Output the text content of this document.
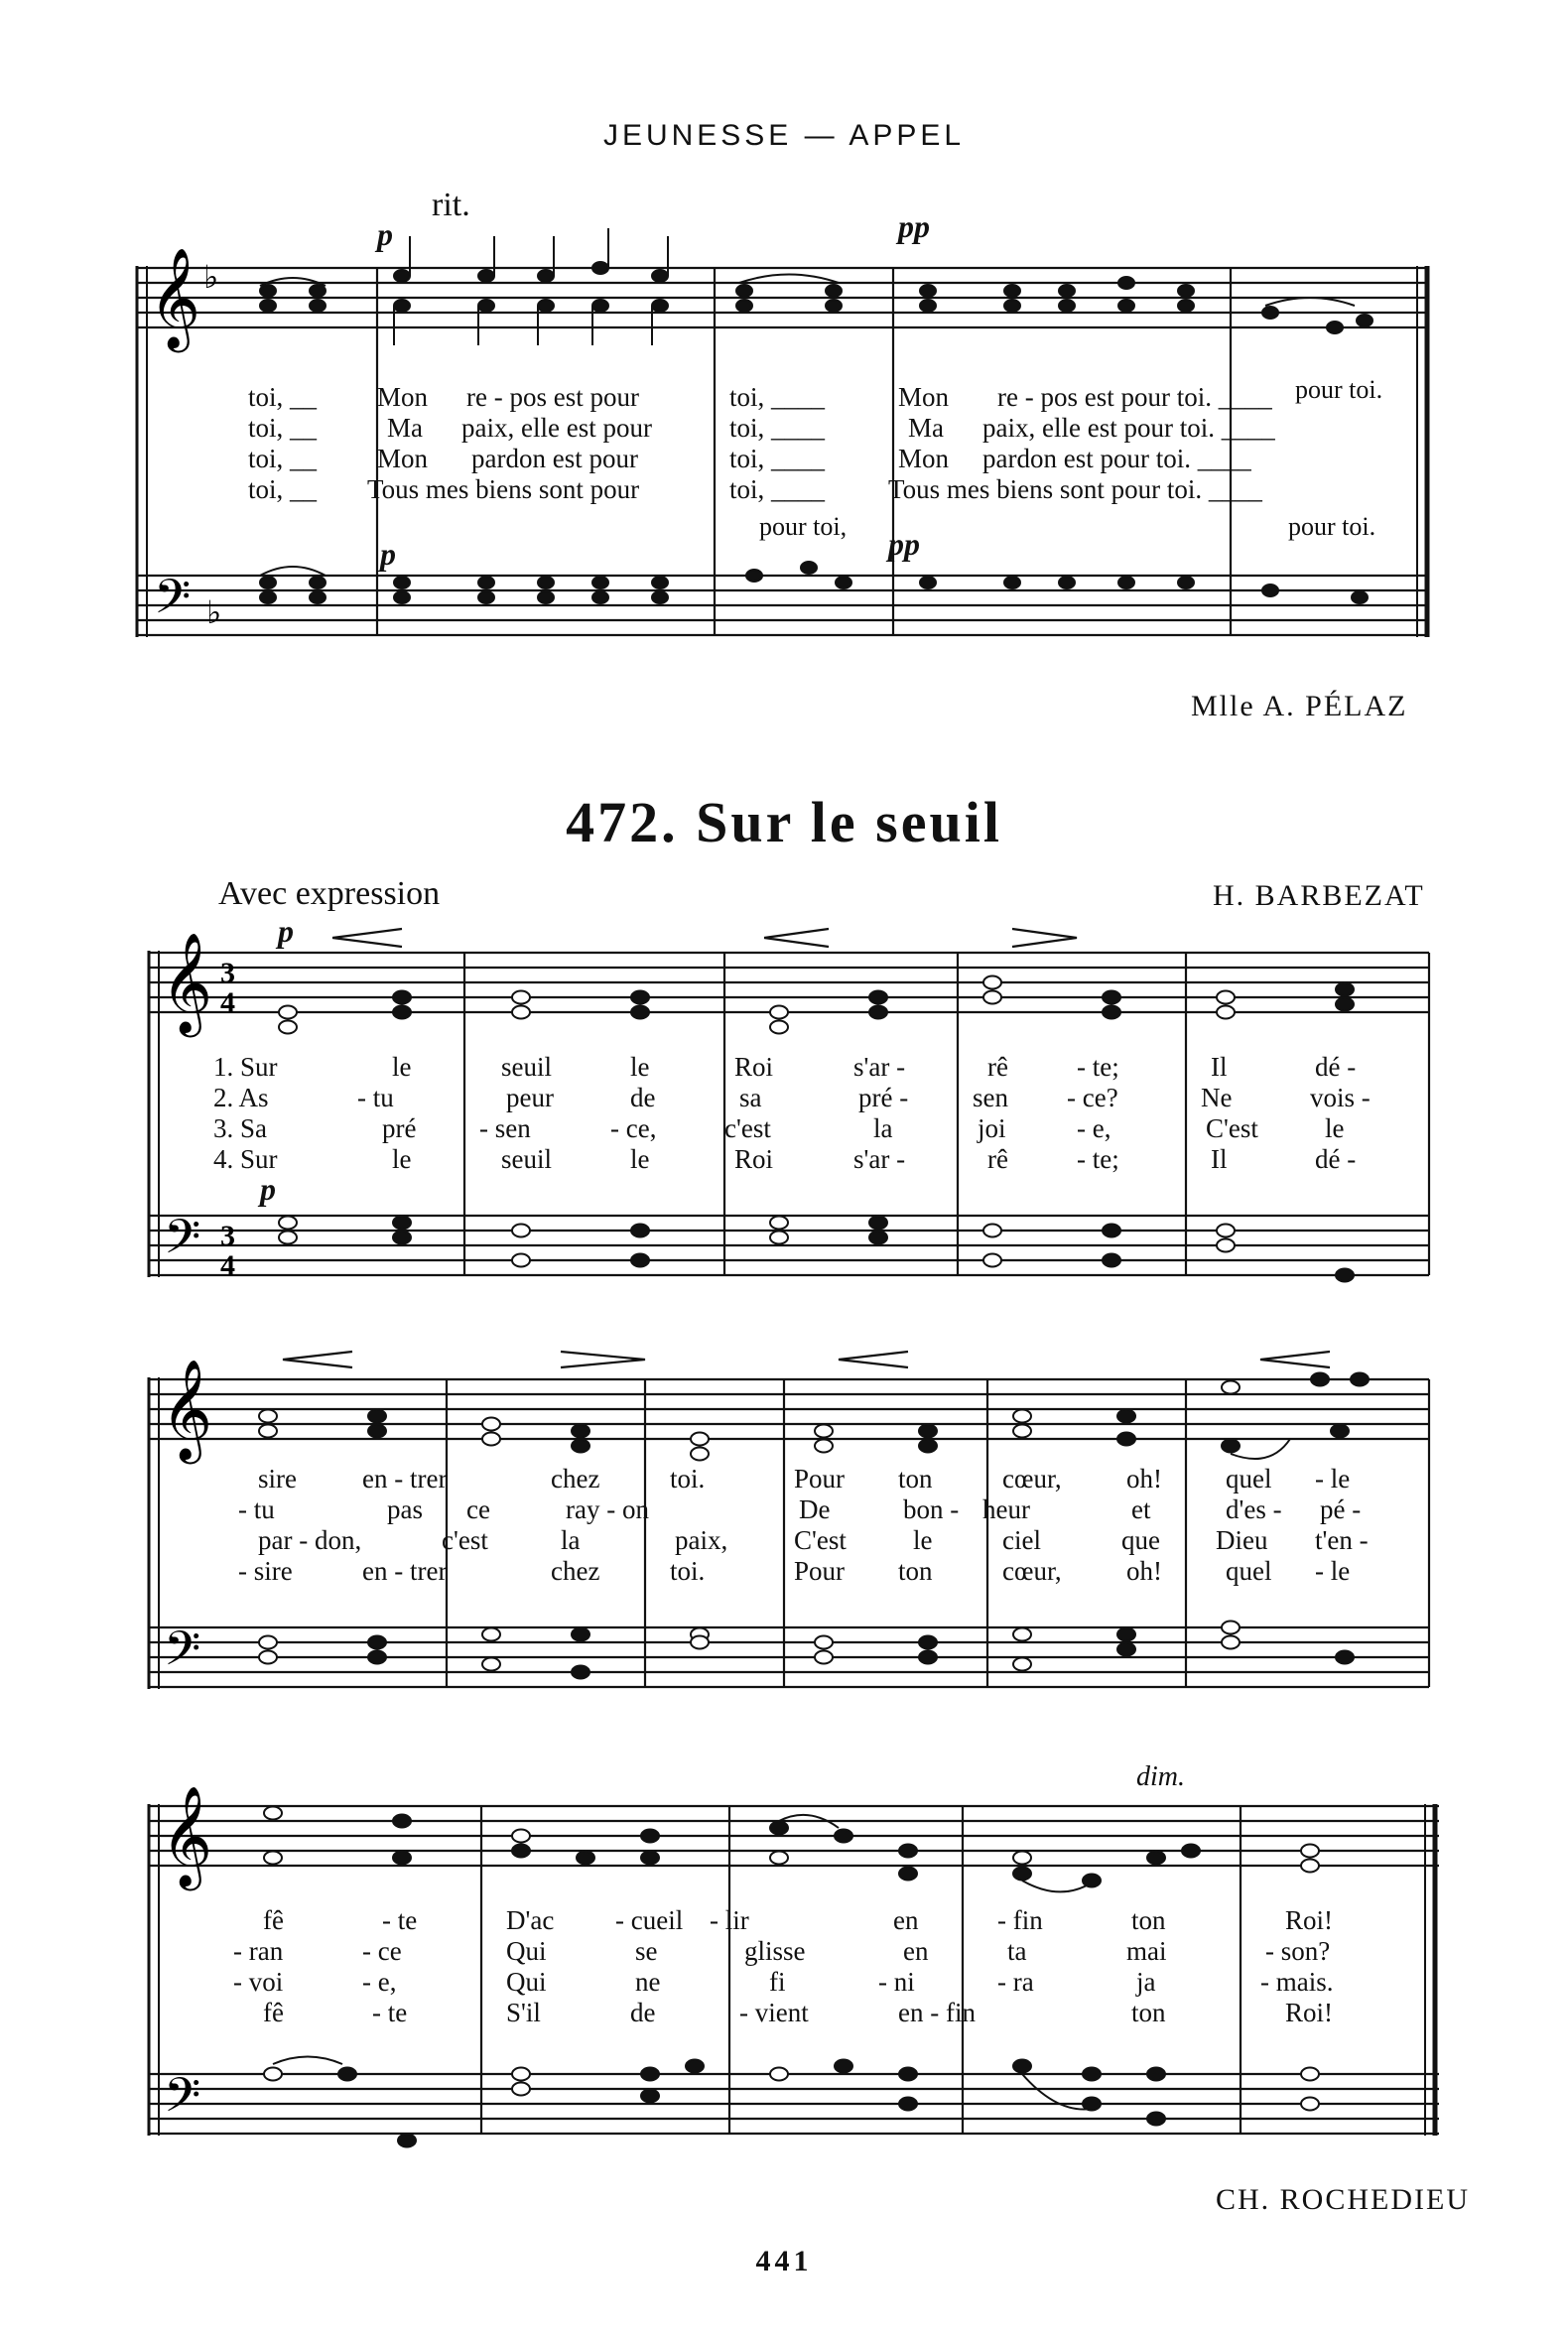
JEUNESSE — APPEL
𝄞
𝄢
♭
♭
rit.
p	pp
pour toi.
toi, __ Mon re - pos est pour	toi, ____	Mon re - pos est pour toi. ____
toi, __	Ma paix, elle est pour	toi, ____	Ma paix, elle est pour toi. ____
toi, __ Mon pardon est pour	toi, ____	Mon pardon est pour toi. ____
toi, __ Tous mes biens sont pour	toi, ____ Tous mes biens sont pour toi. ____
pour toi, pp	pour toi.
p
Mlle A. PÉLAZ
472. Sur le seuil
Avec expression	H. BARBEZAT
𝄞
𝄢
3
4
3
4
p
p
1. Sur	le	seuil	le	Roi	s'ar -	rê	- te;	Il	dé -
2. As	- tu	peur	de	sa	pré - sen - ce?	Ne	vois -
3. Sa	pré - sen	- ce,	c'est	la	joi	- e,	C'est le
4. Sur	le	seuil	le	Roi	s'ar -	rê	- te;	Il	dé -
𝄞
𝄢
sire en - trer	chez	toi.	Pour ton	cœur, oh! quel - le
- tu	pas ce	ray - on	De	bon - heur	et	d'es - pé -
par - don,	c'est	la	paix, C'est le	ciel	que Dieu t'en -
- sire	en - trer	chez	toi.	Pour ton	cœur, oh! quel - le
dim.
𝄞
𝄢
fê	- te	D'ac - cueil - lir	en	- fin	ton	Roi!
- ran	- ce	Qui	se	glisse	en	ta	mai	- son?
- voi	- e,	Qui	ne	fi	- ni	- ra	ja	- mais.
fê	- te	S'il	de	- vient	en - fin	ton	Roi!
CH. ROCHEDIEU
441
